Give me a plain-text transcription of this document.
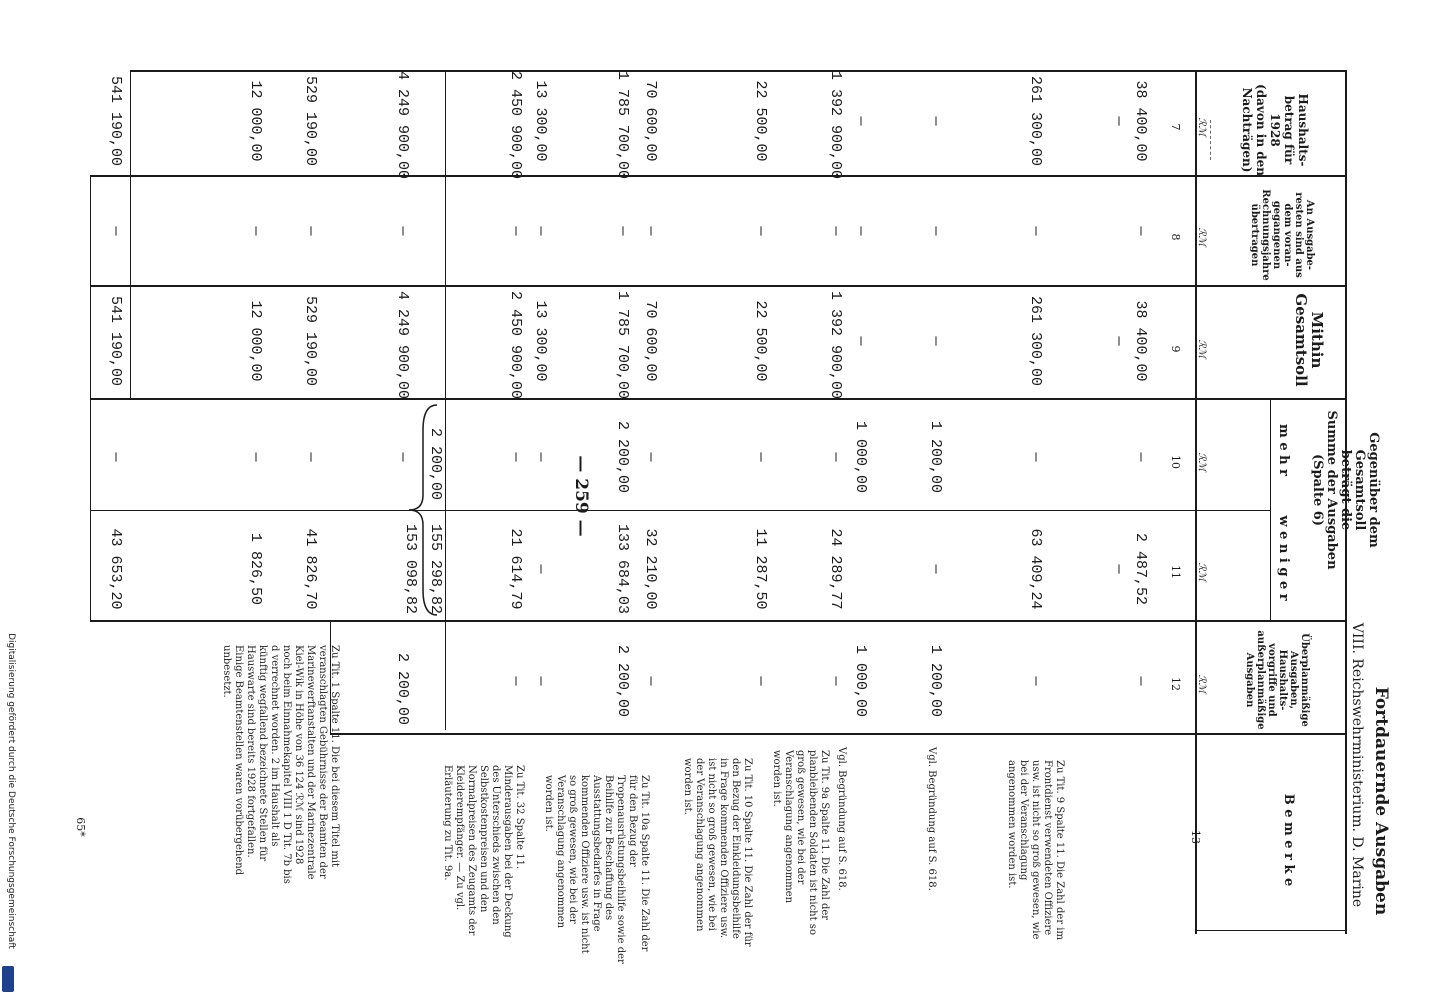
— 259 —
Fortdauernde Ausgaben
VIII. Reichswehrministerium. D. Marine
Haushalts-
betrag für
1928
(davon in den
Nachträgen)
An Ausgabe-
resten sind aus
dem voran-
gegangenen
Rechnungsjahre
übertragen
Mithin
Gesamtsoll
Gegenüber dem Gesamtsoll
beträgt die
Summe der Ausgaben
(Spalte 6)
m e h r
w e n i g e r
Überplanmäßige
Ausgaben,
Haushalts-
vorgriffe und
außerplanmäßige
Ausgaben
B e m e r k e
ℛℳ
ℛℳ
ℛℳ
ℛℳ
ℛℳ
ℛℳ
7
8
9
10
11
12
13
38 400,00
—
38 400,00
—
2 487,52
—
—
—
—
261 300,00
—
261 300,00
—
63 409,24
—
—
—
—
1 200,00
—
1 200,00
—
1 392 900,00
—
—
—
1 392 900,00
1 000,00
—
24 289,77
1 000,00
—
22 500,00
—
22 500,00
—
11 287,50
—
70 600,00
1 785 700,00
—
—
70 600,00
1 785 700,00
—
2 200,00
32 210,00
133 684,03
—
2 200,00
13 300,00
2 450 900,00
—
—
13 300,00
2 450 900,00
—
—
—
21 614,79
—
—
4 249 900,00
—
4 249 900,00
2 200,00
—
155 298,82
153 098,82
2 200,00
529 190,00
12 000,00
—
—
529 190,00
12 000,00
—
—
41 826,70
1 826,50
541 190,00
—
541 190,00
—
43 653,20
Zu Tit. 9 Spalte 11. Die Zahl der im Frontdienst verwendeten Offiziere usw. ist nicht so groß gewesen, wie bei der Veranschlagung angenommen worden ist.
Vgl. Begründung auf S. 618.
Vgl. Begründung auf S. 618.
Zu Tit. 9a Spalte 11. Die Zahl der planbleibenden Soldaten ist nicht so groß gewesen, wie bei der Veranschlagung angenommen worden ist.
Zu Tit. 10 Spalte 11. Die Zahl der für den Bezug der Einkleidungsbeihilfe in Frage kommenden Offiziere usw. ist nicht so groß gewesen, wie bei der Veranschlagung angenommen worden ist.
Zu Tit. 10a Spalte 11. Die Zahl der für den Bezug der Tropenausrüstungsbeihilfe sowie der Beihilfe zur Beschaffung des Ausstattungsbedarfes in Frage kommenden Offiziere usw. ist nicht so groß gewesen, wie bei der Veranschlagung angenommen worden ist.
Zu Tit. 32 Spalte 11. Minderausgaben bei der Deckung des Unterschieds zwischen den Selbstkostenpreisen und den Normalpreisen des Zeugamts der Kleiderempfänger. — Zu vgl. Erläuterung zu Tit. 9a.
Zu Tit. 1 Spalte 11. Die bei diesem Titel mit veranschlagten Gebührnisse der Beamten der Marinewerftanstalten und der Marinezentrale Kiel-Wik in Höhe von 36 124 ℛℳ sind 1928 noch beim Einnahmekapitel VIII 1 D Tit. 7b bis d verrechnet worden. 2 im Haushalt als künftig wegfallend bezeichnete Stellen für Hauswarte sind bereits 1928 fortgefallen. Einige Beamtenstellen waren vorübergehend unbesetzt.
65*
Digitalisierung gefördert durch die Deutsche Forschungsgemeinschaft
